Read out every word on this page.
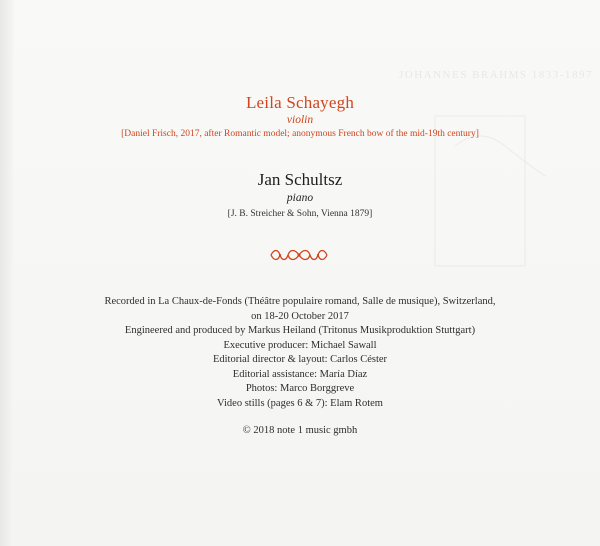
JOHANNES BRAHMS 1833-1897
Leila Schayegh
violin
[Daniel Frisch, 2017, after Romantic model; anonymous French bow of the mid-19th century]
Jan Schultsz
piano
[J. B. Streicher & Sohn, Vienna 1879]
Recorded in La Chaux-de-Fonds (Théâtre populaire romand, Salle de musique), Switzerland,
on 18-20 October 2017
Engineered and produced by Markus Heiland (Tritonus Musikproduktion Stuttgart)
Executive producer: Michael Sawall
Editorial director & layout: Carlos Céster
Editorial assistance: María Díaz
Photos: Marco Borggreve
Video stills (pages 6 & 7): Elam Rotem
© 2018 note 1 music gmbh
